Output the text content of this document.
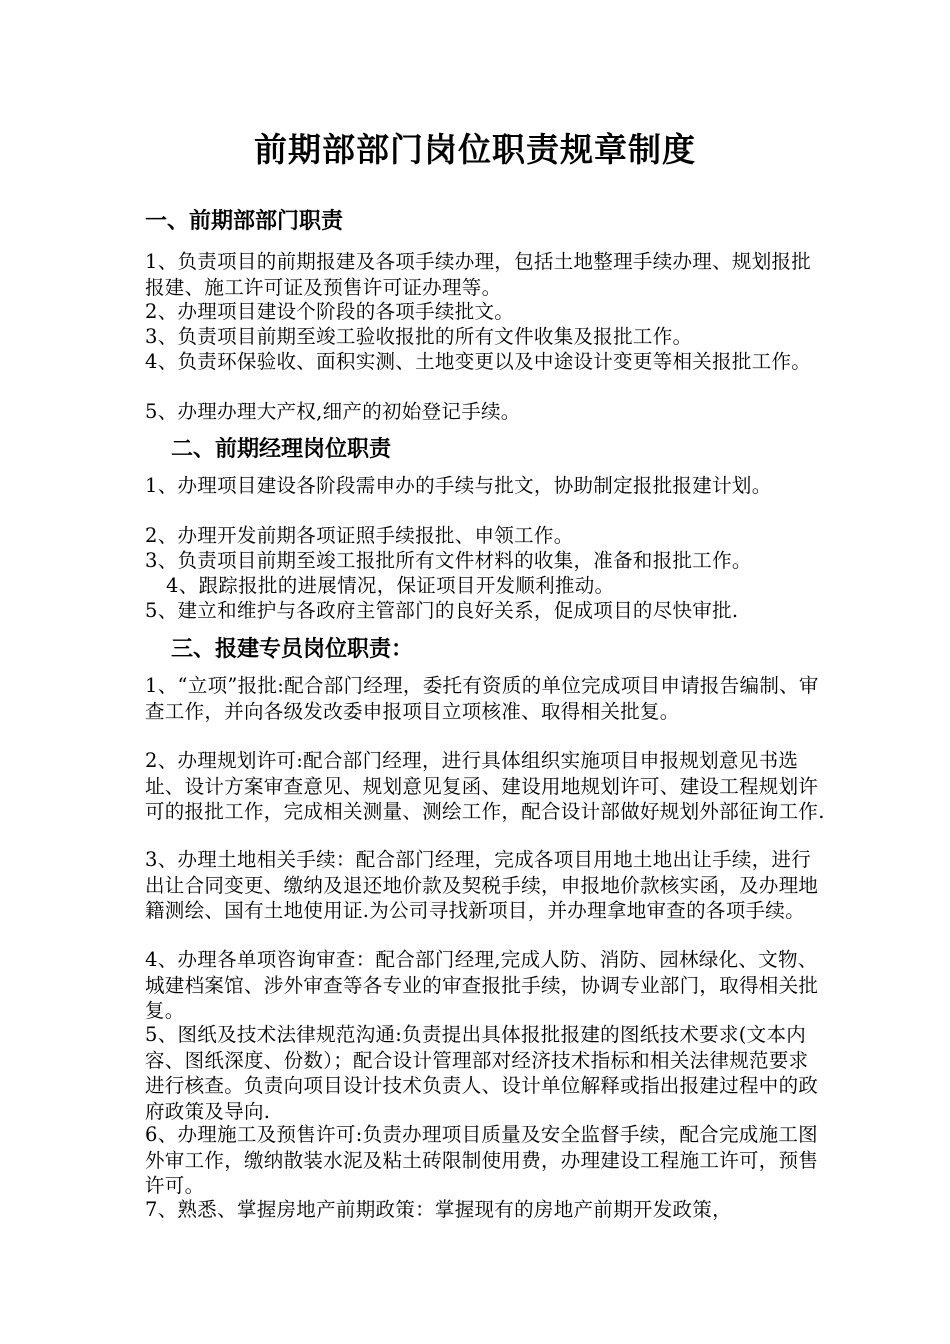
前期部部门岗位职责规章制度
一、前期部部门职责
1、负责项目的前期报建及各项手续办理，包括土地整理手续办理、规划报批报建、施工许可证及预售许可证办理等。
2、办理项目建设个阶段的各项手续批文。
3、负责项目前期至竣工验收报批的所有文件收集及报批工作。
4、负责环保验收、面积实测、土地变更以及中途设计变更等相关报批工作。
5、办理办理大产权,细产的初始登记手续。
二、前期经理岗位职责
1、办理项目建设各阶段需申办的手续与批文，协助制定报批报建计划。
2、办理开发前期各项证照手续报批、申领工作。
3、负责项目前期至竣工报批所有文件材料的收集，准备和报批工作。
4、跟踪报批的进展情况，保证项目开发顺利推动。
5、建立和维护与各政府主管部门的良好关系，促成项目的尽快审批.
三、报建专员岗位职责：
1、“立项”报批:配合部门经理，委托有资质的单位完成项目申请报告编制、审查工作，并向各级发改委申报项目立项核准、取得相关批复。
2、办理规划许可:配合部门经理，进行具体组织实施项目申报规划意见书选址、设计方案审查意见、规划意见复函、建设用地规划许可、建设工程规划许可的报批工作，完成相关测量、测绘工作，配合设计部做好规划外部征询工作.
3、办理土地相关手续：配合部门经理，完成各项目用地土地出让手续，进行出让合同变更、缴纳及退还地价款及契税手续，申报地价款核实函，及办理地籍测绘、国有土地使用证.为公司寻找新项目，并办理拿地审查的各项手续。
4、办理各单项咨询审查：配合部门经理,完成人防、消防、园林绿化、文物、城建档案馆、涉外审查等各专业的审查报批手续，协调专业部门，取得相关批复。
5、图纸及技术法律规范沟通:负责提出具体报批报建的图纸技术要求(文本内容、图纸深度、份数）；配合设计管理部对经济技术指标和相关法律规范要求进行核查。负责向项目设计技术负责人、设计单位解释或指出报建过程中的政府政策及导向.
6、办理施工及预售许可:负责办理项目质量及安全监督手续，配合完成施工图外审工作，缴纳散装水泥及粘土砖限制使用费，办理建设工程施工许可，预售许可。
7、熟悉、掌握房地产前期政策：掌握现有的房地产前期开发政策，
